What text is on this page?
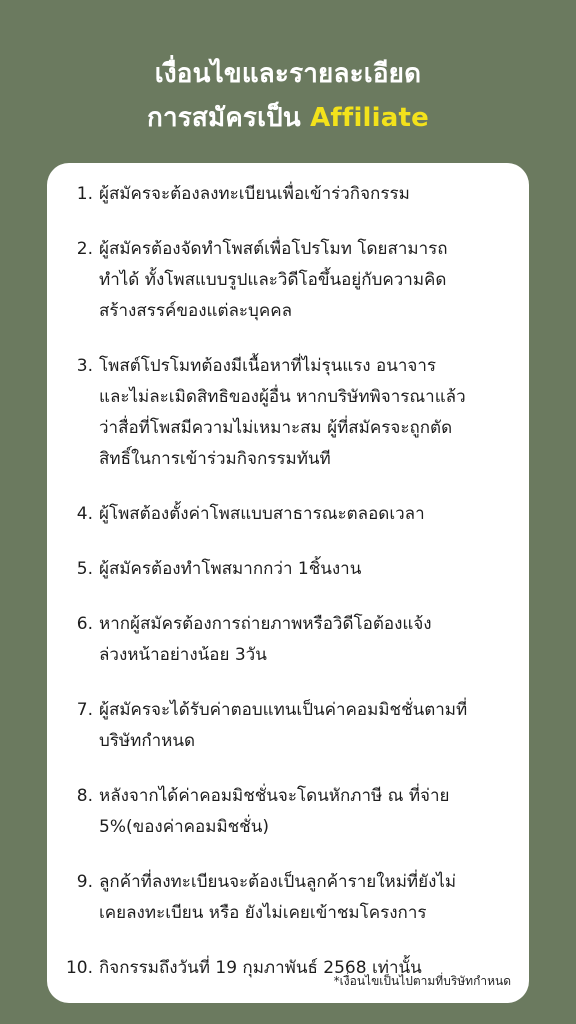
เงื่อนไขและรายละเอียด
การสมัครเป็น Affiliate
1. ผู้สมัครจะต้องลงทะเบียนเพื่อเข้าร่วกิจกรรม
2. ผู้สมัครต้องจัดทำโพสต์เพื่อโปรโมท โดยสามารถ
ทำได้ ทั้งโพสแบบรูปและวิดีโอขึ้นอยู่กับความคิด
สร้างสรรค์ของแต่ละบุคคล
3. โพสต์โปรโมทต้องมีเนื้อหาที่ไม่รุนแรง อนาจาร
และไม่ละเมิดสิทธิของผู้อื่น หากบริษัทพิจารณาแล้ว
ว่าสื่อที่โพสมีความไม่เหมาะสม ผู้ที่สมัครจะถูกตัด
สิทธิ์ในการเข้าร่วมกิจกรรมทันที
4. ผู้โพสต้องตั้งค่าโพสแบบสาธารณะตลอดเวลา
5. ผู้สมัครต้องทำโพสมากกว่า 1ชิ้นงาน
6. หากผู้สมัครต้องการถ่ายภาพหรือวิดีโอต้องแจ้ง
ล่วงหน้าอย่างน้อย 3วัน
7. ผู้สมัครจะได้รับค่าตอบแทนเป็นค่าคอมมิชชั่นตามที่
บริษัทกำหนด
8. หลังจากได้ค่าคอมมิชชั่นจะโดนหักภาษี ณ ที่จ่าย
5%(ของค่าคอมมิชชั่น)
9. ลูกค้าที่ลงทะเบียนจะต้องเป็นลูกค้ารายใหม่ที่ยังไม่
เคยลงทะเบียน หรือ ยังไม่เคยเข้าชมโครงการ
10. กิจกรรมถึงวันที่ 19 กุมภาพันธ์ 2568 เท่านั้น
*เงื่อนไขเป็นไปตามที่บริษัทกำหนด
